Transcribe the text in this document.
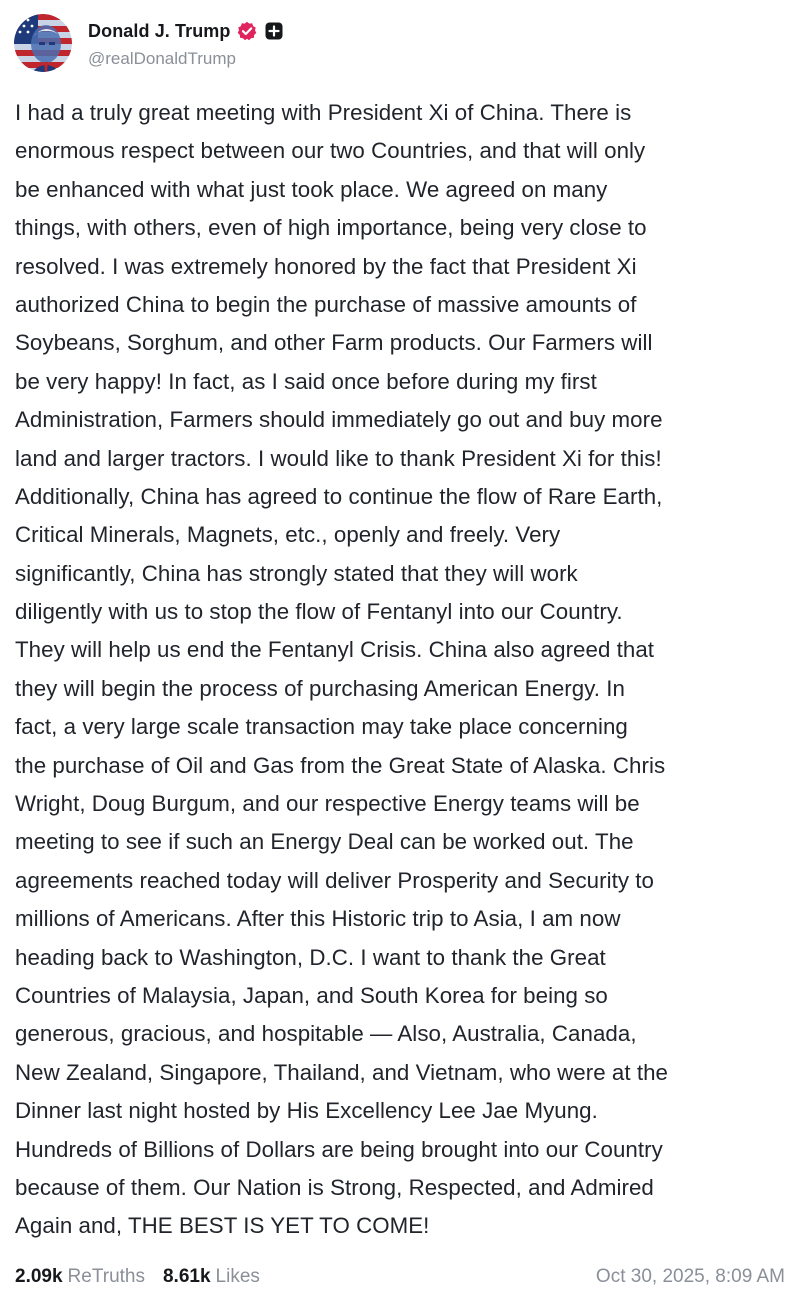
Donald J. Trump
@realDonaldTrump
I had a truly great meeting with President Xi of China. There is
enormous respect between our two Countries, and that will only
be enhanced with what just took place. We agreed on many
things, with others, even of high importance, being very close to
resolved. I was extremely honored by the fact that President Xi
authorized China to begin the purchase of massive amounts of
Soybeans, Sorghum, and other Farm products. Our Farmers will
be very happy! In fact, as I said once before during my first
Administration, Farmers should immediately go out and buy more
land and larger tractors. I would like to thank President Xi for this!
Additionally, China has agreed to continue the flow of Rare Earth,
Critical Minerals, Magnets, etc., openly and freely. Very
significantly, China has strongly stated that they will work
diligently with us to stop the flow of Fentanyl into our Country.
They will help us end the Fentanyl Crisis. China also agreed that
they will begin the process of purchasing American Energy. In
fact, a very large scale transaction may take place concerning
the purchase of Oil and Gas from the Great State of Alaska. Chris
Wright, Doug Burgum, and our respective Energy teams will be
meeting to see if such an Energy Deal can be worked out. The
agreements reached today will deliver Prosperity and Security to
millions of Americans. After this Historic trip to Asia, I am now
heading back to Washington, D.C. I want to thank the Great
Countries of Malaysia, Japan, and South Korea for being so
generous, gracious, and hospitable — Also, Australia, Canada,
New Zealand, Singapore, Thailand, and Vietnam, who were at the
Dinner last night hosted by His Excellency Lee Jae Myung.
Hundreds of Billions of Dollars are being brought into our Country
because of them. Our Nation is Strong, Respected, and Admired
Again and, THE BEST IS YET TO COME!
2.09k ReTruths 8.61k Likes	Oct 30, 2025, 8:09 AM
